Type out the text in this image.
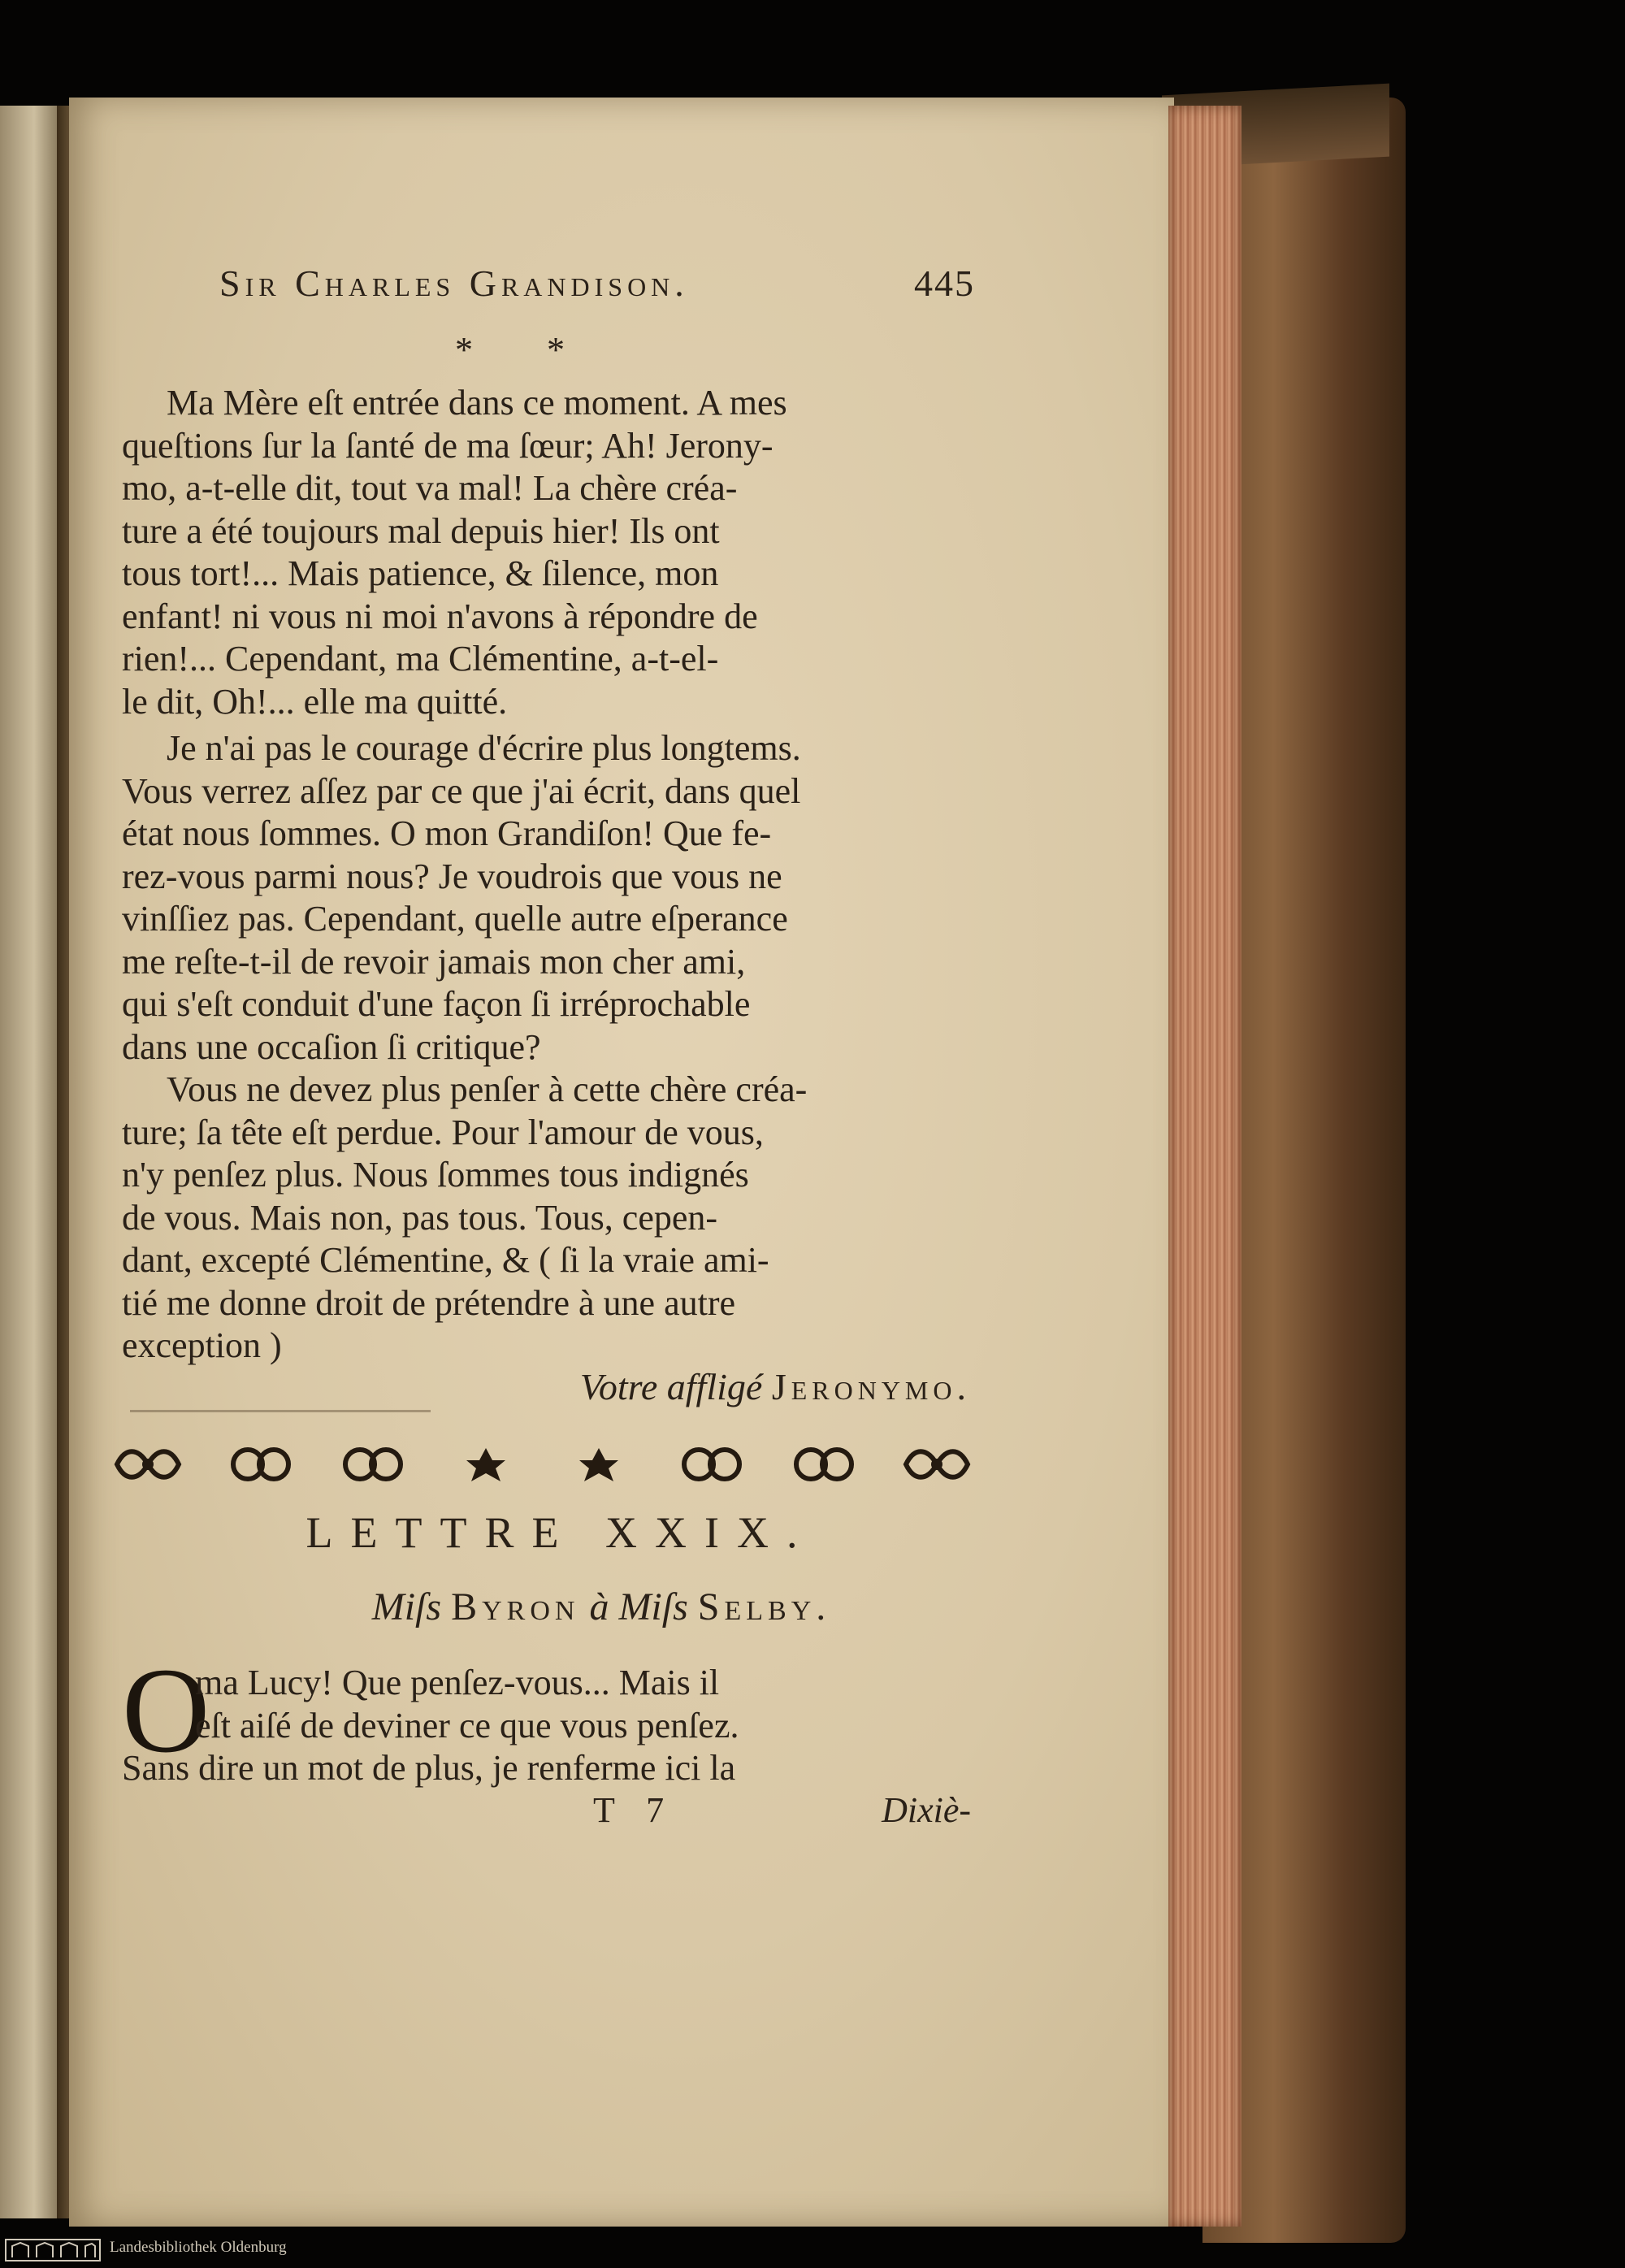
Sir Charles Grandison.	445
* *
Ma Mère eſt entrée dans ce moment. A mes
queſtions ſur la ſanté de ma ſœur; Ah! Jerony-
mo, a-t-elle dit, tout va mal! La chère créa-
ture a été toujours mal depuis hier! Ils ont
tous tort!... Mais patience, & ſilence, mon
enfant! ni vous ni moi n'avons à répondre de
rien!... Cependant, ma Clémentine, a-t-el-
le dit, Oh!... elle ma quitté.
Je n'ai pas le courage d'écrire plus longtems.
Vous verrez aſſez par ce que j'ai écrit, dans quel
état nous ſommes. O mon Grandiſon! Que fe-
rez-vous parmi nous? Je voudrois que vous ne
vinſſiez pas. Cependant, quelle autre eſperance
me reſte-t-il de revoir jamais mon cher ami,
qui s'eſt conduit d'une façon ſi irréprochable
dans une occaſion ſi critique?
Vous ne devez plus penſer à cette chère créa-
ture; ſa tête eſt perdue. Pour l'amour de vous,
n'y penſez plus. Nous ſommes tous indignés
de vous. Mais non, pas tous. Tous, cepen-
dant, excepté Clémentine, & ( ſi la vraie ami-
tié me donne droit de prétendre à une autre
exception )
Votre affligé Jeronymo.
LETTRE XXIX.
Miſs Byron à Miſs Selby.
O
ma Lucy! Que penſez-vous... Mais il
eſt aiſé de deviner ce que vous penſez.
Sans dire un mot de plus, je renferme ici la
T 7	Dixiè-
Landesbibliothek Oldenburg
